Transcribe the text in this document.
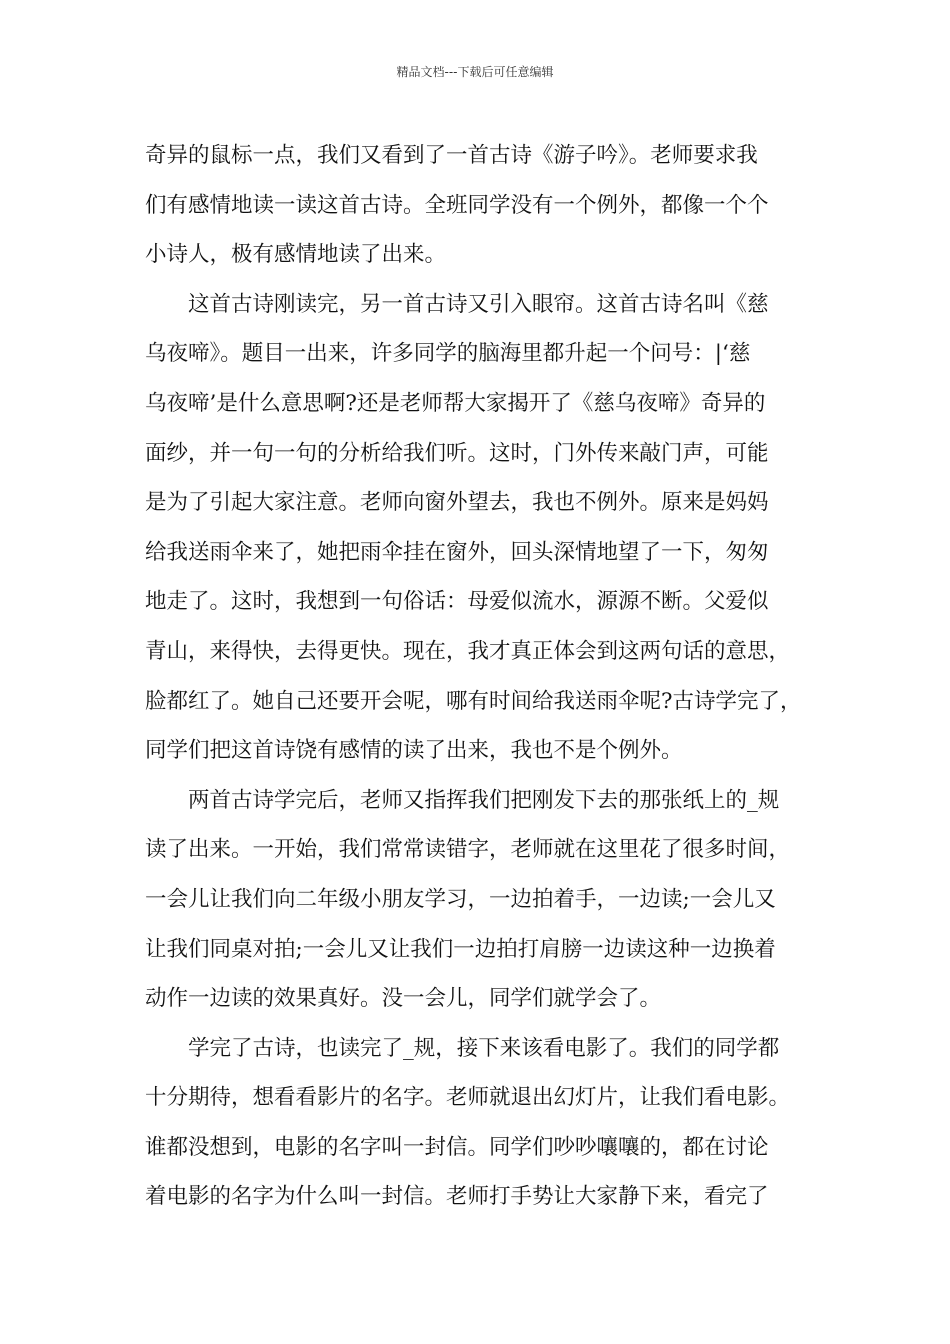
精品文档---下载后可任意编辑
奇异的鼠标一点，我们又看到了一首古诗《游子吟》。老师要求我
们有感情地读一读这首古诗。全班同学没有一个例外，都像一个个
小诗人，极有感情地读了出来。
这首古诗刚读完，另一首古诗又引入眼帘。这首古诗名叫《慈
乌夜啼》。题目一出来，许多同学的脑海里都升起一个问号：|‘慈
乌夜啼’是什么意思啊?还是老师帮大家揭开了《慈乌夜啼》奇异的
面纱，并一句一句的分析给我们听。这时，门外传来敲门声，可能
是为了引起大家注意。老师向窗外望去，我也不例外。原来是妈妈
给我送雨伞来了，她把雨伞挂在窗外，回头深情地望了一下，匆匆
地走了。这时，我想到一句俗话：母爱似流水，源源不断。父爱似
青山，来得快，去得更快。现在，我才真正体会到这两句话的意思，
脸都红了。她自己还要开会呢，哪有时间给我送雨伞呢?古诗学完了，
同学们把这首诗饶有感情的读了出来，我也不是个例外。
两首古诗学完后，老师又指挥我们把刚发下去的那张纸上的_规
读了出来。一开始，我们常常读错字，老师就在这里花了很多时间，
一会儿让我们向二年级小朋友学习，一边拍着手，一边读;一会儿又
让我们同桌对拍;一会儿又让我们一边拍打肩膀一边读这种一边换着
动作一边读的效果真好。没一会儿，同学们就学会了。
学完了古诗，也读完了_规，接下来该看电影了。我们的同学都
十分期待，想看看影片的名字。老师就退出幻灯片，让我们看电影。
谁都没想到，电影的名字叫一封信。同学们吵吵嚷嚷的，都在讨论
着电影的名字为什么叫一封信。老师打手势让大家静下来，看完了
